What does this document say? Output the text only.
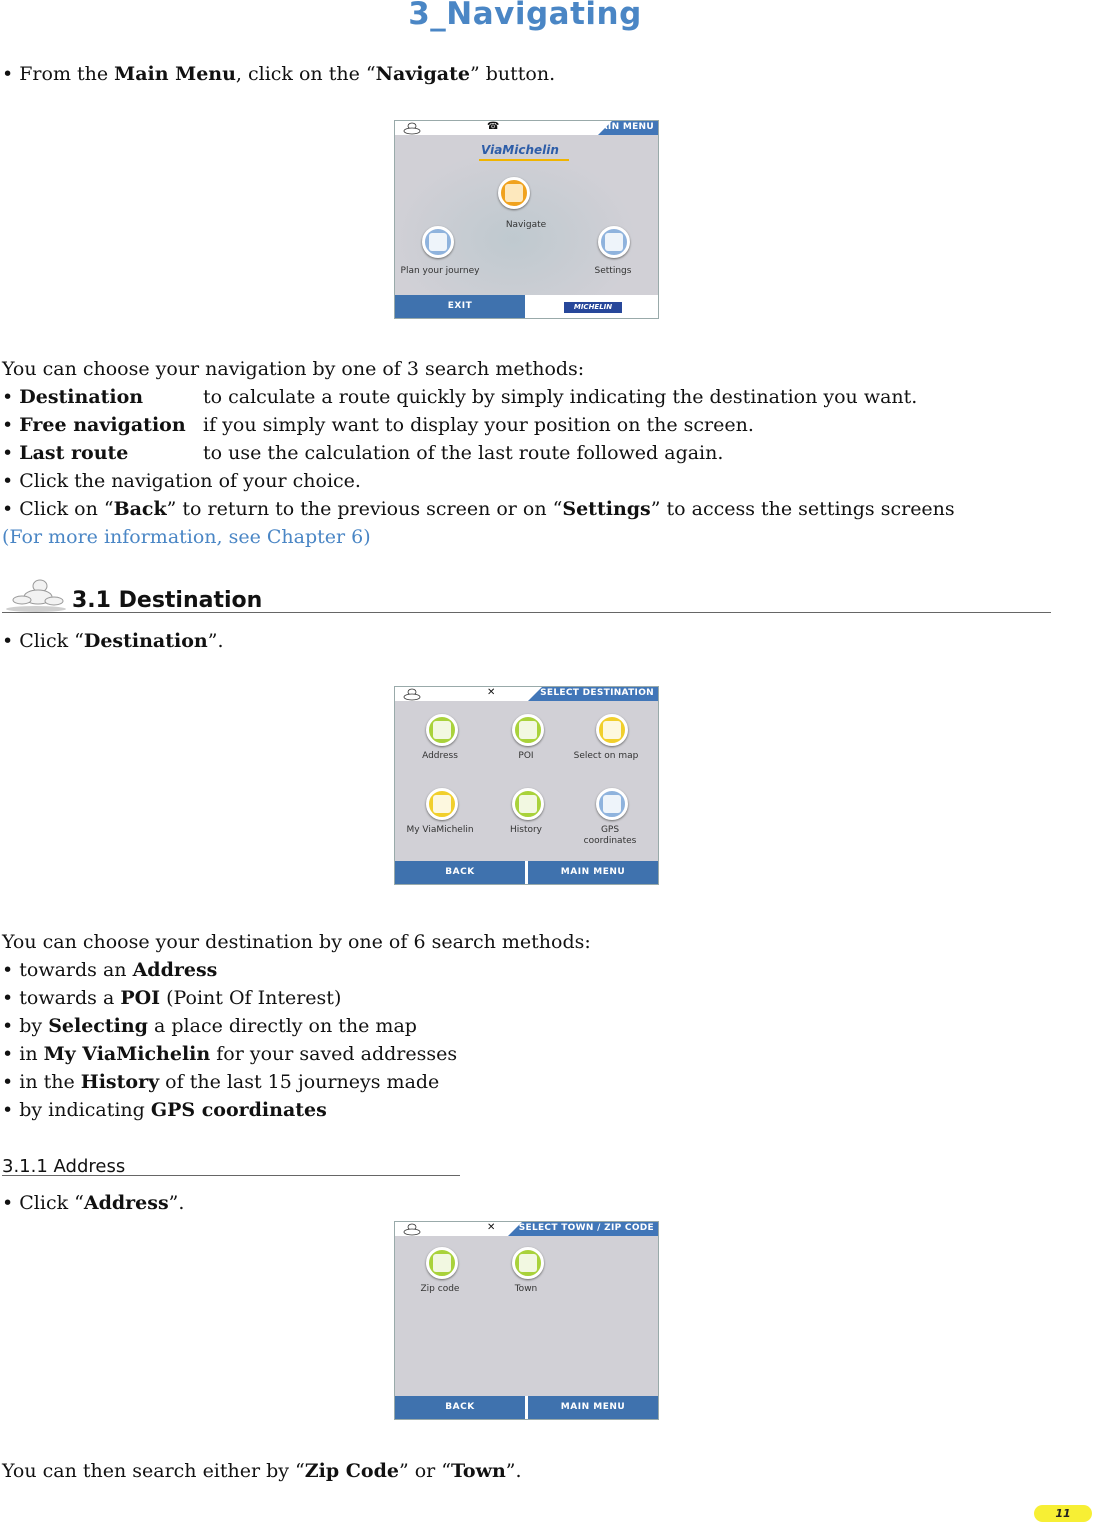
3_Navigating
• From the Main Menu, click on the “Navigate” button.
☎	MAIN MENU
ViaMichelin
Navigate
Plan your journey	Settings
EXIT	MICHELIN
You can choose your navigation by one of 3 search methods:
• Destination	to calculate a route quickly by simply indicating the destination you want.
• Free navigation if you simply want to display your position on the screen.
• Last route	to use the calculation of the last route followed again.
• Click the navigation of your choice.
• Click on “Back” to return to the previous screen or on “Settings” to access the settings screens
(For more information, see Chapter 6)
3.1 Destination
• Click “Destination”.
✕	SELECT DESTINATION
Address	POI	Select on map
My ViaMichelin	History	GPS coordinates
BACK	MAIN MENU
You can choose your destination by one of 6 search methods:
• towards an Address
• towards a POI (Point Of Interest)
• by Selecting a place directly on the map
• in My ViaMichelin for your saved addresses
• in the History of the last 15 journeys made
• by indicating GPS coordinates
3.1.1 Address
• Click “Address”.
✕	SELECT TOWN / ZIP CODE
Zip code	Town
BACK	MAIN MENU
You can then search either by “Zip Code” or “Town”.
11
